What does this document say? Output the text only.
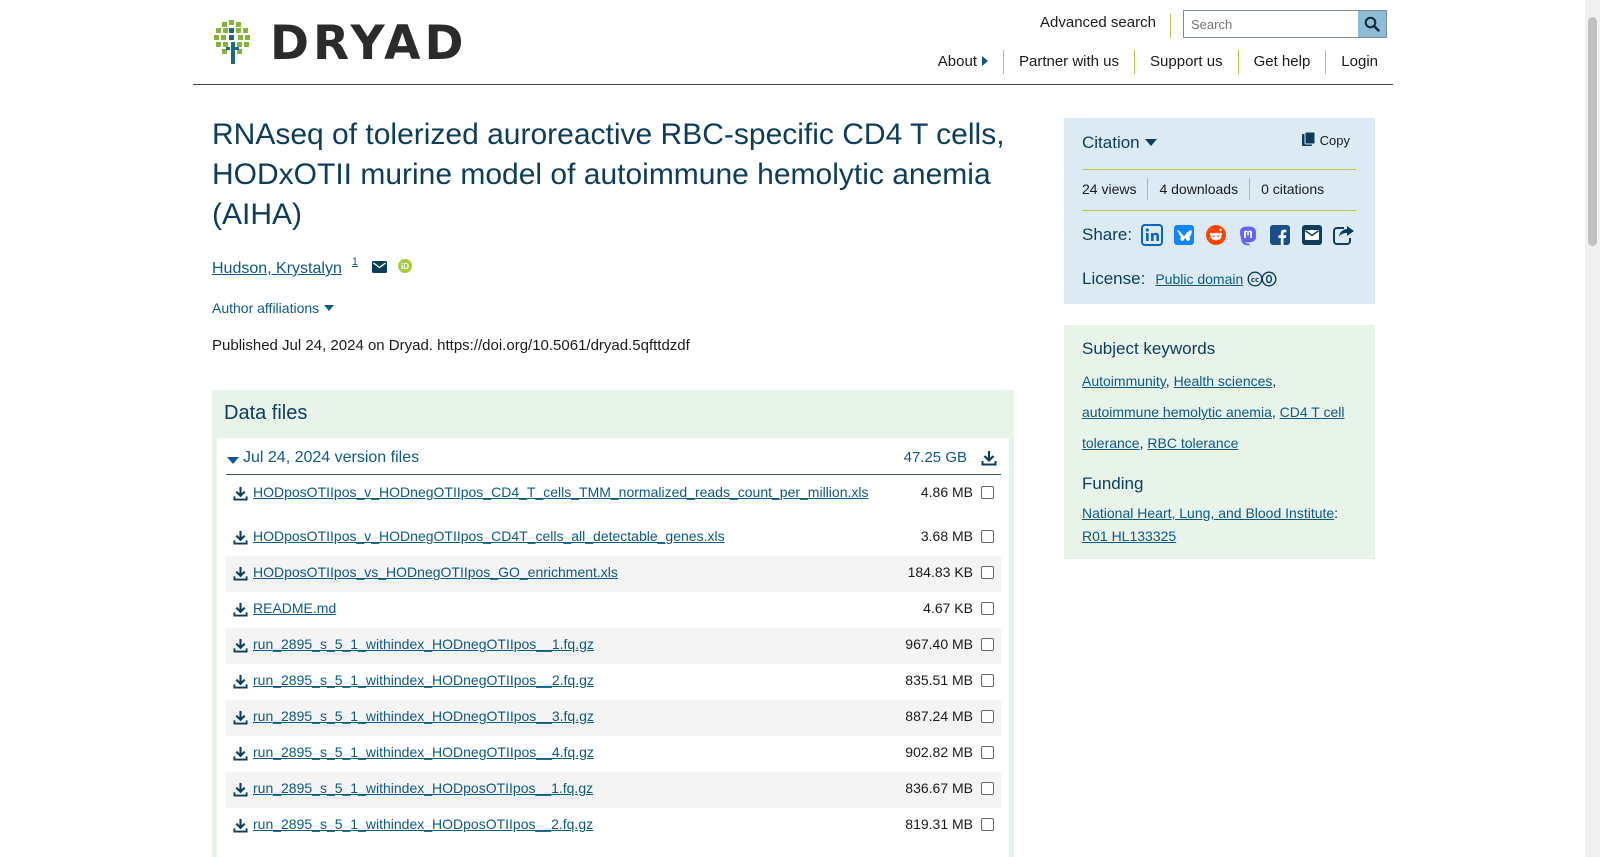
DRYAD	Advanced search
Search
About	Partner with us	Support us	Get help	Login
RNAseq of tolerized auroreactive RBC-specific CD4 T cells, HODxOTII murine model of autoimmune hemolytic anemia (AIHA)
Hudson, Krystalyn 1	iD
Author affiliations
Published Jul 24, 2024 on Dryad. https://doi.org/10.5061/dryad.5qfttdzdf
Data files
Jul 24, 2024 version files	47.25 GB
HODposOTIIpos_v_HODnegOTIIpos_CD4_T_cells_TMM_normalized_reads_count_per_million.xls	4.86 MB
HODposOTIIpos_v_HODnegOTIIpos_CD4T_cells_all_detectable_genes.xls	3.68 MB
HODposOTIIpos_vs_HODnegOTIIpos_GO_enrichment.xls	184.83 KB
README.md	4.67 KB
run_2895_s_5_1_withindex_HODnegOTIIpos__1.fq.gz	967.40 MB
run_2895_s_5_1_withindex_HODnegOTIIpos__2.fq.gz	835.51 MB
run_2895_s_5_1_withindex_HODnegOTIIpos__3.fq.gz	887.24 MB
run_2895_s_5_1_withindex_HODnegOTIIpos__4.fq.gz	902.82 MB
run_2895_s_5_1_withindex_HODposOTIIpos__1.fq.gz	836.67 MB
run_2895_s_5_1_withindex_HODposOTIIpos__2.fq.gz	819.31 MB
Citation	Copy
24 views	4 downloads	0 citations
Share:
License: Public domain cc
Subject keywords
Autoimmunity, Health sciences, autoimmune hemolytic anemia, CD4 T cell tolerance, RBC tolerance
Funding
National Heart, Lung, and Blood Institute:
R01 HL133325
